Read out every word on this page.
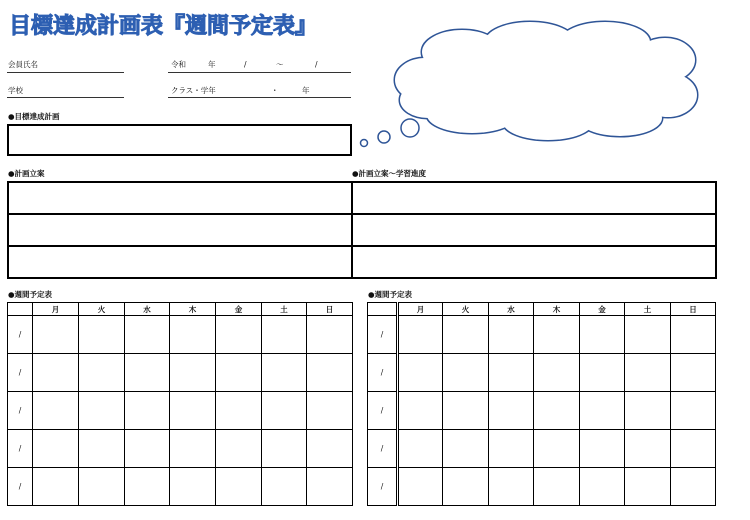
目標達成計画表『週間予定表』
会員氏名	令和	年	/	～	/
学校	クラス・学年	・	年
●目標達成計画
●計画立案	●計画立案～学習進度

●週間予定表
	月	火	水	木	金	土	日
/							
/							
/							
/							
/							
●週間予定表
	月	火	水	木	金	土	日
/							
/							
/							
/							
/							
